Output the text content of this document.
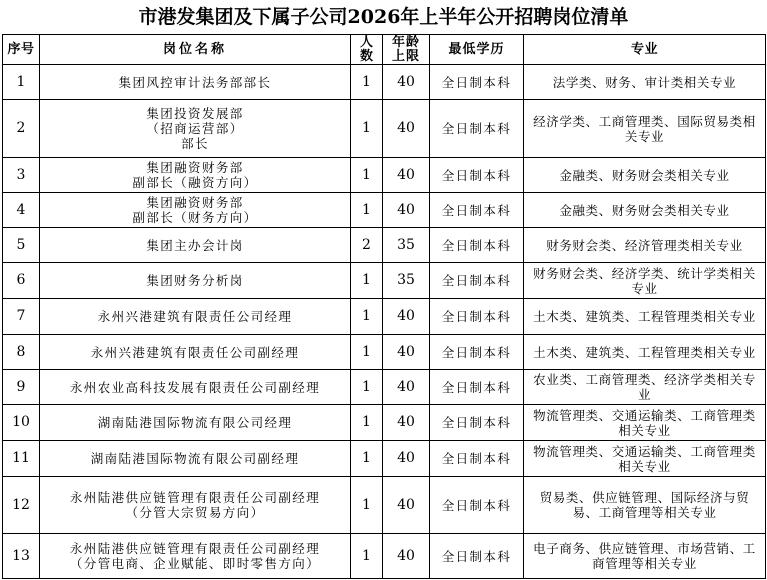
市港发集团及下属子公司2026年上半年公开招聘岗位清单
序号	岗位名称	人数	年龄上限	最低学历	专业
1	集团风控审计法务部部长	1	40	全日制本科	法学类、财务、审计类相关专业
2	集团投资发展部
（招商运营部）
部长	1	40	全日制本科	经济学类、工商管理类、国际贸易类相关专业
3	集团融资财务部
副部长（融资方向）	1	40	全日制本科	金融类、财务财会类相关专业
4	集团融资财务部
副部长（财务方向）	1	40	全日制本科	金融类、财务财会类相关专业
5	集团主办会计岗	2	35	全日制本科	财务财会类、经济管理类相关专业
6	集团财务分析岗	1	35	全日制本科	财务财会类、经济学类、统计学类相关专业
7	永州兴港建筑有限责任公司经理	1	40	全日制本科	土木类、建筑类、工程管理类相关专业
8	永州兴港建筑有限责任公司副经理	1	40	全日制本科	土木类、建筑类、工程管理类相关专业
9	永州农业高科技发展有限责任公司副经理	1	40	全日制本科	农业类、工商管理类、经济学类相关专业
10	湖南陆港国际物流有限公司经理	1	40	全日制本科	物流管理类、交通运输类、工商管理类相关专业
11	湖南陆港国际物流有限公司副经理	1	40	全日制本科	物流管理类、交通运输类、工商管理类相关专业
12	永州陆港供应链管理有限责任公司副经理
（分管大宗贸易方向）	1	40	全日制本科	贸易类、供应链管理、国际经济与贸易、工商管理等相关专业
13	永州陆港供应链管理有限责任公司副经理
（分管电商、企业赋能、即时零售方向）	1	40	全日制本科	电子商务、供应链管理、市场营销、工商管理等相关专业
